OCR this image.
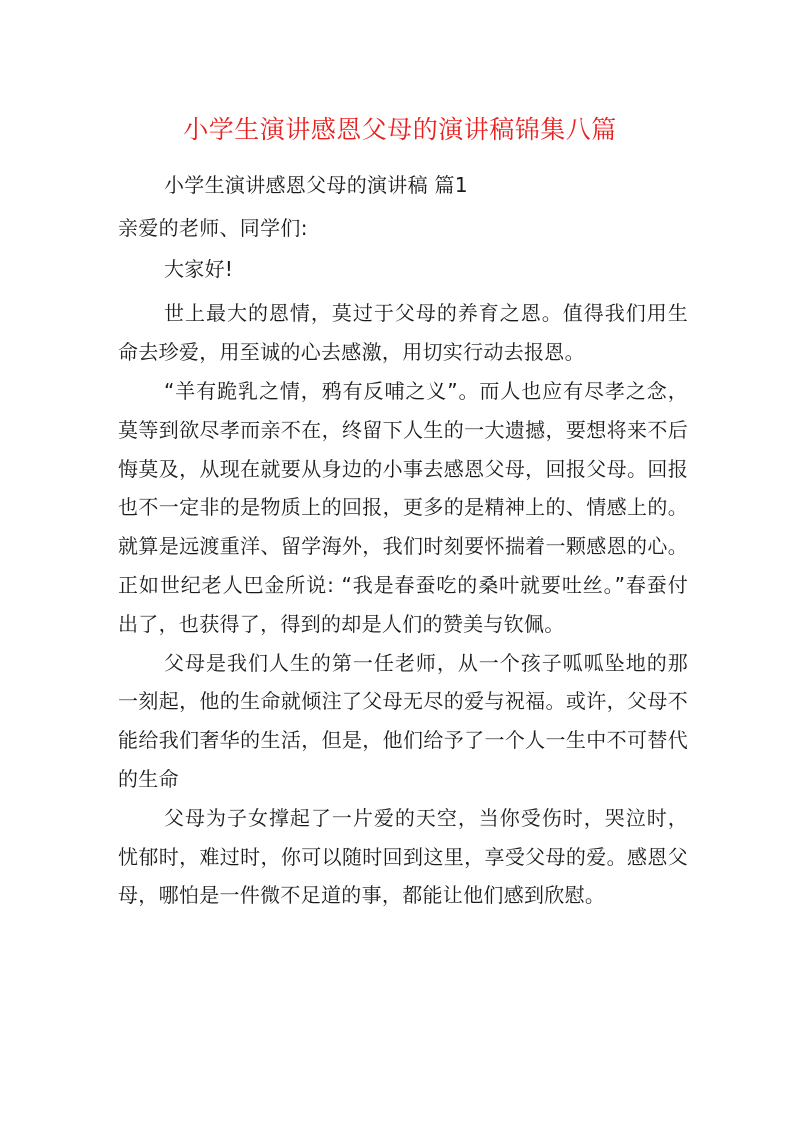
小学生演讲感恩父母的演讲稿锦集八篇

小学生演讲感恩父母的演讲稿 篇1

亲爱的老师、同学们:

大家好!

世上最大的恩情，莫过于父母的养育之恩。值得我们用生命去珍爱，用至诚的心去感激，用切实行动去报恩。

“羊有跪乳之情，鸦有反哺之义”。而人也应有尽孝之念，莫等到欲尽孝而亲不在，终留下人生的一大遗撼，要想将来不后悔莫及，从现在就要从身边的小事去感恩父母，回报父母。回报也不一定非的是物质上的回报，更多的是精神上的、情感上的。就算是远渡重洋、留学海外，我们时刻要怀揣着一颗感恩的心。正如世纪老人巴金所说: “我是春蚕吃的桑叶就要吐丝。”春蚕付出了，也获得了，得到的却是人们的赞美与钦佩。

父母是我们人生的第一任老师，从一个孩子呱呱坠地的那一刻起，他的生命就倾注了父母无尽的爱与祝福。或许，父母不能给我们奢华的生活，但是，他们给予了一个人一生中不可替代的生命

父母为子女撑起了一片爱的天空，当你受伤时，哭泣时，忧郁时，难过时，你可以随时回到这里，享受父母的爱。感恩父母，哪怕是一件微不足道的事，都能让他们感到欣慰。
